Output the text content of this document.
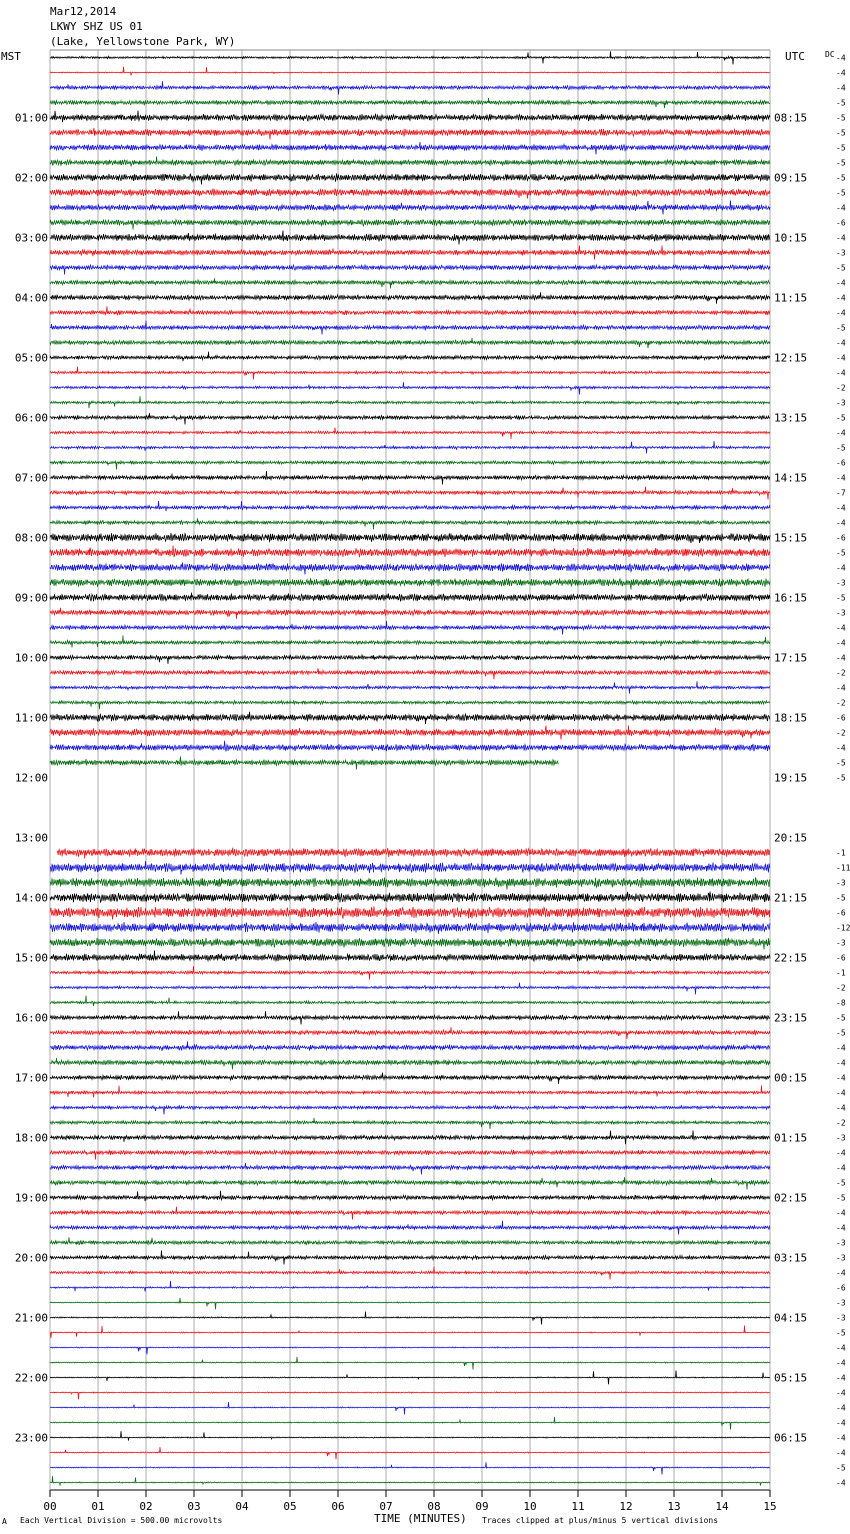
Mar12,2014
LKWY SHZ US 01
(Lake, Yellowstone Park, WY)
MST	UTC
00	01	02	03	04	05	06	07	08	09	10	11	12	13	14	15
-4
-4
-4
-5
-5
-5
-5
-5
-5
-5
-4
-6
-4
-3
-5
-4
-4
-4
-5
-4
-4
-4
-2
-3
-5
-4
-5
-6
-4
-7
-4
-4
-6
-5
-4
-3
-5
-3
-4
-4
-4
-2
-4
-2
-6
-2
-4
-5
-5
-1
-11
-3
-5
-6
-12
-3
-6
-1
-2
-8
-5
-5
-4
-4
-4
-4
-4
-2
-3
-4
-4
-5
-5
-4
-4
-3
-3
-4
-6
-3
-3
-5
-4
-4
-4
-4
-4
-4
-4
-4
-5
-4
DC
01:00
02:00
03:00
04:00
05:00
06:00
07:00
08:00
09:00
10:00
11:00
12:00
13:00
14:00
15:00
16:00
17:00
18:00
19:00
20:00
21:00
22:00
23:00
08:15
09:15
10:15
11:15
12:15
13:15
14:15
15:15
16:15
17:15
18:15
19:15
20:15
21:15
22:15
23:15
00:15
01:15
02:15
03:15
04:15
05:15
06:15
A Each Vertical Division = 500.00 microvolts	TIME (MINUTES) Traces clipped at plus/minus 5 vertical divisions
